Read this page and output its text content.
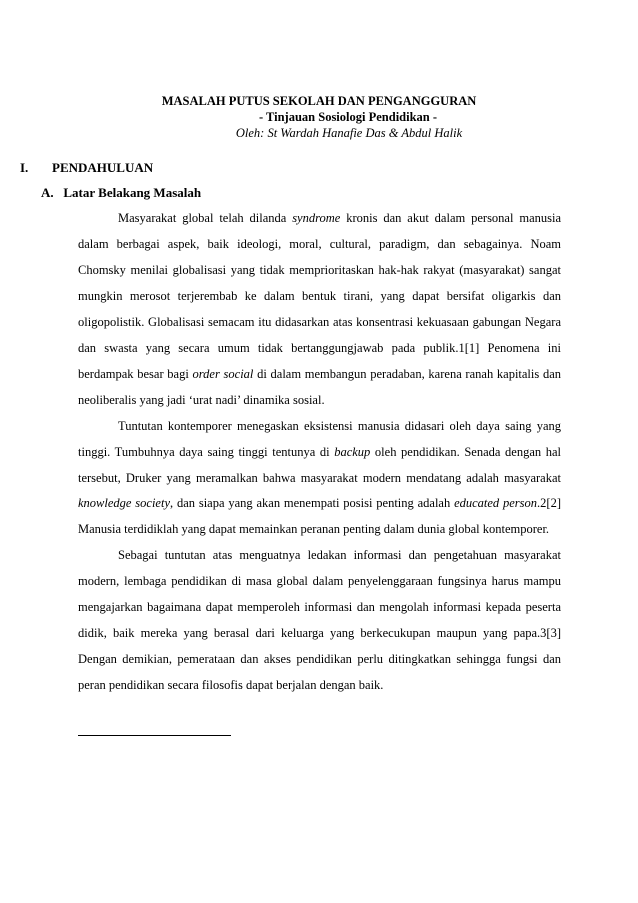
MASALAH PUTUS SEKOLAH DAN PENGANGGURAN
- Tinjauan Sosiologi Pendidikan -
Oleh: St Wardah Hanafie Das & Abdul Halik
I. PENDAHULUAN
A.   Latar Belakang Masalah

Masyarakat global telah dilanda syndrome kronis dan akut dalam personal manusia dalam berbagai aspek, baik ideologi, moral, cultural, paradigm, dan sebagainya. Noam Chomsky menilai globalisasi yang tidak memprioritaskan hak-hak rakyat (masyarakat) sangat mungkin merosot terjerembab ke dalam bentuk tirani, yang dapat bersifat oligarkis dan oligopolistik. Globalisasi semacam itu didasarkan atas konsentrasi kekuasaan gabungan Negara dan swasta yang secara umum tidak bertanggungjawab pada publik.1[1] Penomena ini berdampak besar bagi order social di dalam membangun peradaban, karena ranah kapitalis dan neoliberalis yang jadi ‘urat nadi’ dinamika sosial.

Tuntutan kontemporer menegaskan eksistensi manusia didasari oleh daya saing yang tinggi. Tumbuhnya daya saing tinggi tentunya di backup oleh pendidikan. Senada dengan hal tersebut, Druker yang meramalkan bahwa masyarakat modern mendatang adalah masyarakat knowledge society, dan siapa yang akan menempati posisi penting adalah educated person.2[2] Manusia terdidiklah yang dapat memainkan peranan penting dalam dunia global kontemporer.

Sebagai tuntutan atas menguatnya ledakan informasi dan pengetahuan masyarakat modern, lembaga pendidikan di masa global dalam penyelenggaraan fungsinya harus mampu mengajarkan bagaimana dapat memperoleh informasi dan mengolah informasi kepada peserta didik, baik mereka yang berasal dari keluarga yang berkecukupan maupun yang papa.3[3] Dengan demikian, pemerataan dan akses pendidikan perlu ditingkatkan sehingga fungsi dan peran pendidikan secara filosofis dapat berjalan dengan baik.
